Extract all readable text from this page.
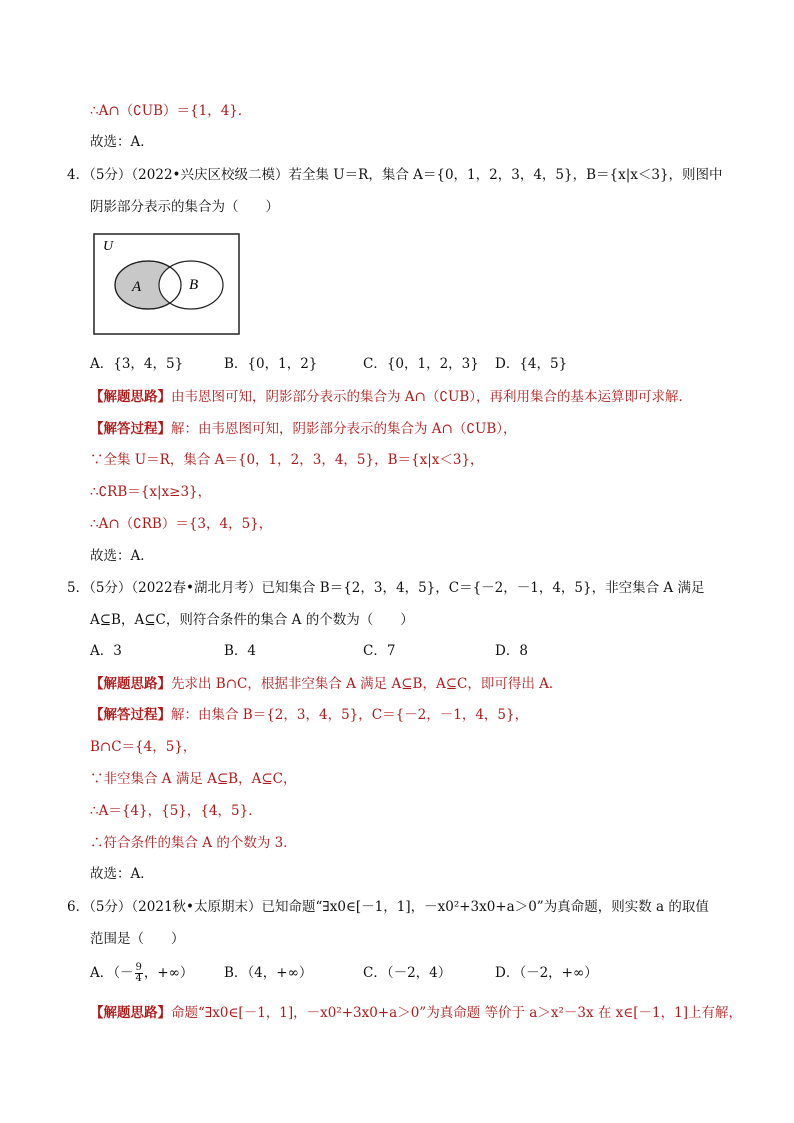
∴A∩（∁UB）＝{1，4}．
故选：A．
4．（5分）（2022•兴庆区校级二模）若全集 U＝R，集合 A＝{0，1，2，3，4，5}，B＝{x|x＜3}，则图中
阴影部分表示的集合为（　　）
U
A	B
A．{3，4，5}	B．{0，1，2}	C．{0，1，2，3} D．{4，5}
【解题思路】由韦恩图可知，阴影部分表示的集合为 A∩（∁UB），再利用集合的基本运算即可求解．
【解答过程】解：由韦恩图可知，阴影部分表示的集合为 A∩（∁UB），
∵全集 U＝R，集合 A＝{0，1，2，3，4，5}，B＝{x|x＜3}，
∴∁RB＝{x|x≥3}，
∴A∩（∁RB）＝{3，4，5}，
故选：A．
5．（5分）（2022春•湖北月考）已知集合 B＝{2，3，4，5}，C＝{－2，－1，4，5}，非空集合 A 满足
A⊆B，A⊆C，则符合条件的集合 A 的个数为（　　）
A．3	B．4	C．7	D．8
【解题思路】先求出 B∩C，根据非空集合 A 满足 A⊆B，A⊆C，即可得出 A．
【解答过程】解：由集合 B＝{2，3，4，5}，C＝{－2，－1，4，5}，
B∩C＝{4，5}，
∵非空集合 A 满足 A⊆B，A⊆C，
∴A＝{4}，{5}，{4，5}．
∴符合条件的集合 A 的个数为 3．
故选：A．
6．（5分）（2021秋•太原期末）已知命题“∃x0∈[－1，1]，－x0²+3x0+a＞0”为真命题，则实数 a 的取值
范围是（　　）
A．（－ $\frac{9}{4}$ ，+∞） B．（4，+∞）	C．（－2，4）	D．（－2，+∞）
【解题思路】命题“∃x0∈[－1，1]，－x0²+3x0+a＞0”为真命题 等价于 a＞x²－3x 在 x∈[－1，1]上有解，
